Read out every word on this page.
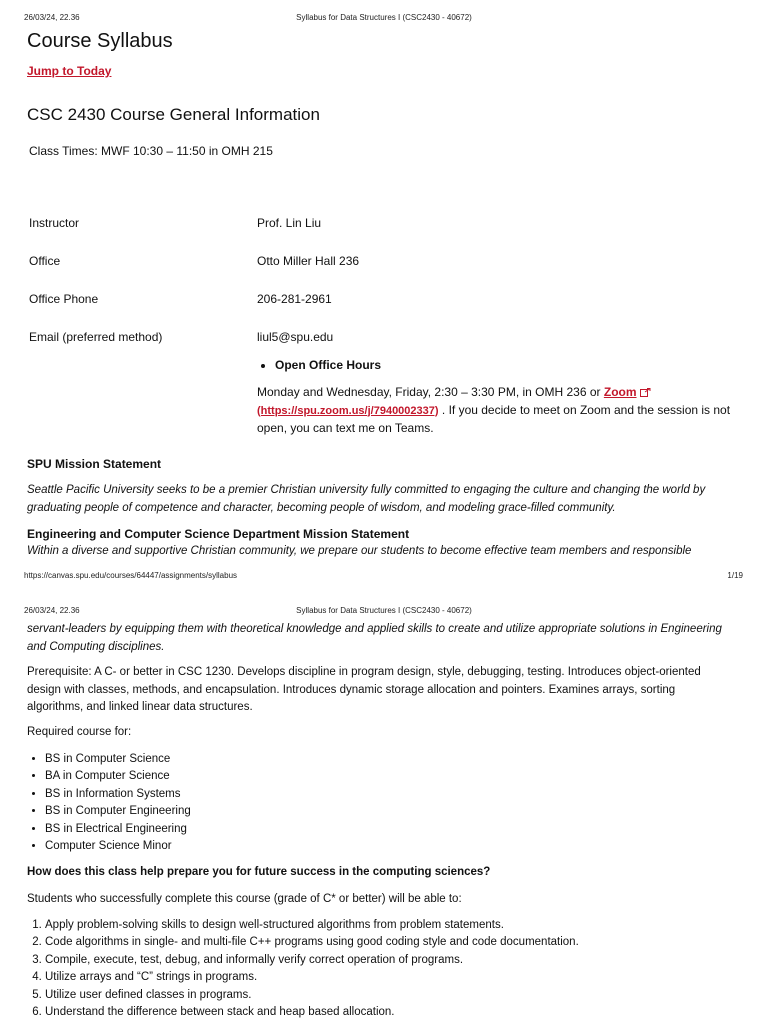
26/03/24, 22.36	Syllabus for Data Structures I (CSC2430 - 40672)
Course Syllabus
Jump to Today
CSC 2430 Course General Information
Class Times: MWF 10:30 – 11:50 in OMH 215
Instructor	Prof. Lin Liu
Office	Otto Miller Hall 236
Office Phone	206-281-2961
Email (preferred method)	liul5@spu.edu
• Open Office Hours
Monday and Wednesday, Friday, 2:30 – 3:30 PM, in OMH 236 or Zoom
(https://spu.zoom.us/j/7940002337) . If you decide to meet on Zoom and the session is not
open, you can text me on Teams.
SPU Mission Statement
Seattle Pacific University seeks to be a premier Christian university fully committed to engaging the culture and changing the world by
graduating people of competence and character, becoming people of wisdom, and modeling grace-filled community.
Engineering and Computer Science Department Mission Statement
Within a diverse and supportive Christian community, we prepare our students to become effective team members and responsible
https://canvas.spu.edu/courses/64447/assignments/syllabus	1/19
26/03/24, 22.36	Syllabus for Data Structures I (CSC2430 - 40672)
servant-leaders by equipping them with theoretical knowledge and applied skills to create and utilize appropriate solutions in Engineering
and Computing disciplines.
Prerequisite: A C- or better in CSC 1230. Develops discipline in program design, style, debugging, testing. Introduces object-oriented
design with classes, methods, and encapsulation. Introduces dynamic storage allocation and pointers. Examines arrays, sorting
algorithms, and linked linear data structures.
Required course for:
• BS in Computer Science
• BA in Computer Science
• BS in Information Systems
• BS in Computer Engineering
• BS in Electrical Engineering
• Computer Science Minor
How does this class help prepare you for future success in the computing sciences?
Students who successfully complete this course (grade of C* or better) will be able to:
1. Apply problem-solving skills to design well-structured algorithms from problem statements.
2. Code algorithms in single- and multi-file C++ programs using good coding style and code documentation.
3. Compile, execute, test, debug, and informally verify correct operation of programs.
4. Utilize arrays and “C” strings in programs.
5. Utilize user defined classes in programs.
6. Understand the difference between stack and heap based allocation.
